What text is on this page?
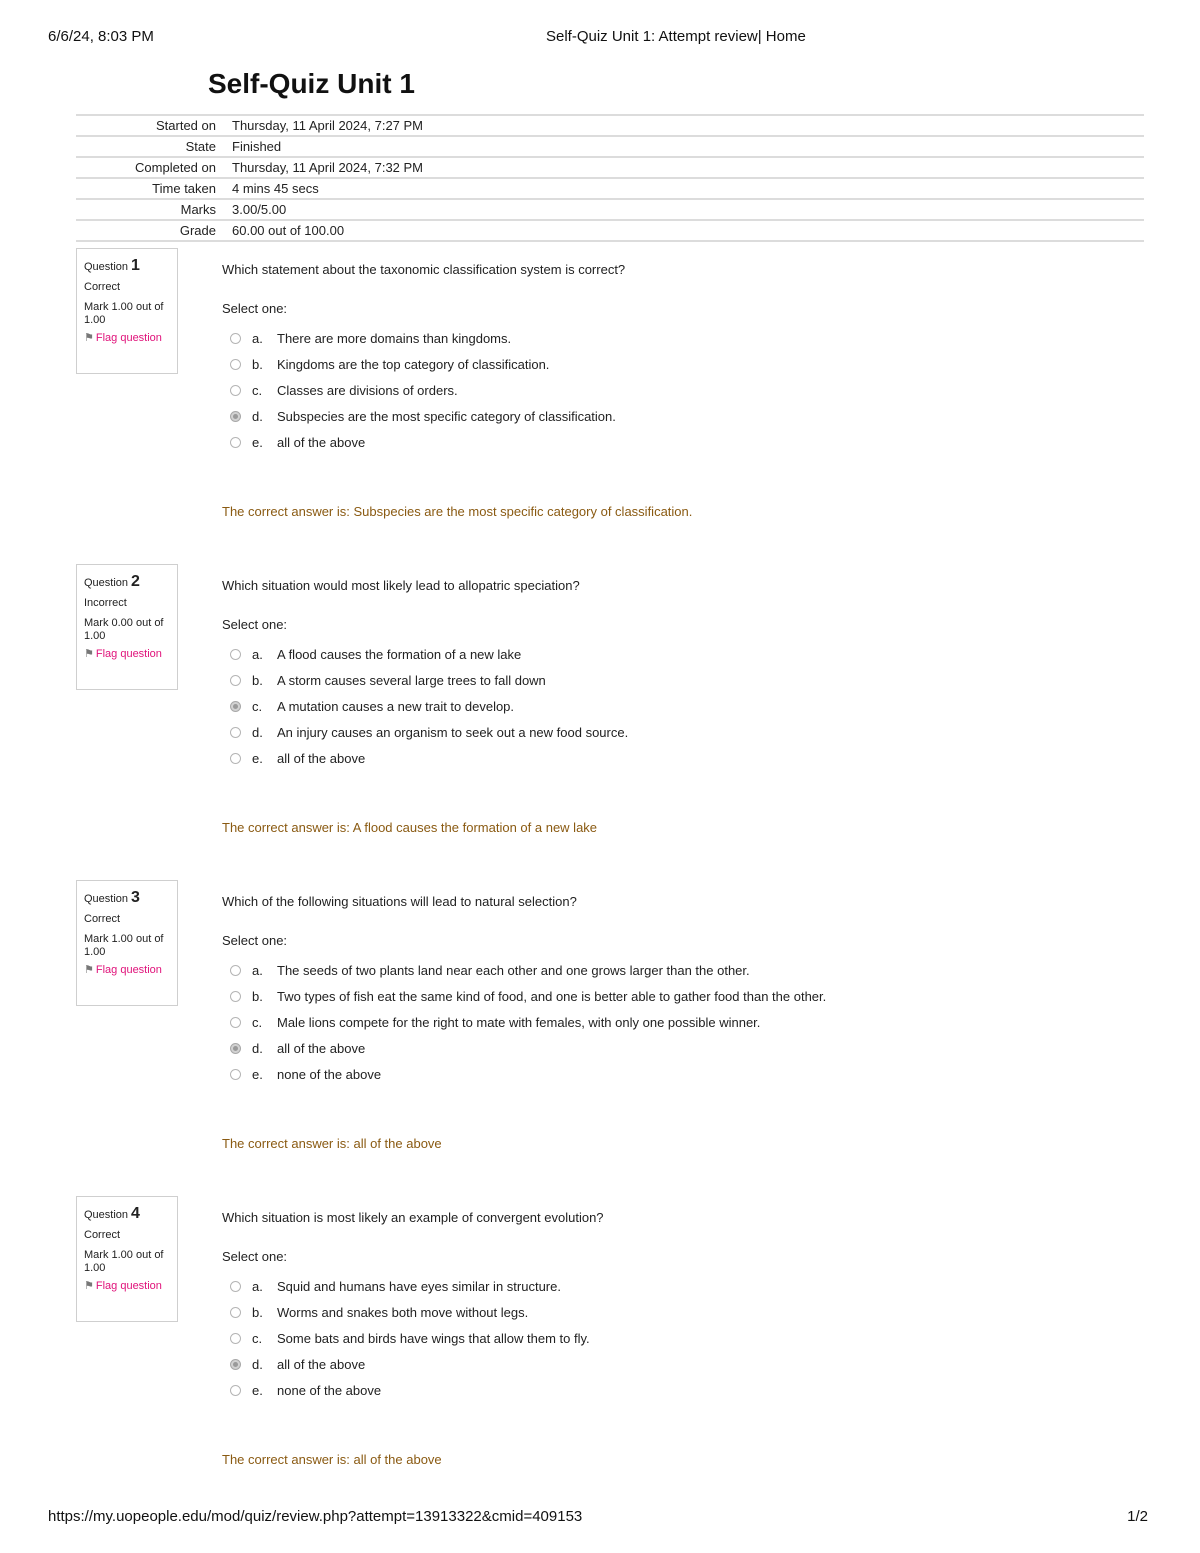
6/6/24, 8:03 PM	Self-Quiz Unit 1: Attempt review| Home
Self-Quiz Unit 1
Started on	Thursday, 11 April 2024, 7:27 PM
State	Finished
Completed on	Thursday, 11 April 2024, 7:32 PM
Time taken	4 mins 45 secs
Marks	3.00/5.00
Grade	60.00 out of 100.00
Question 1
Correct
Mark 1.00 out of 1.00
⚑ Flag question
Which statement about the taxonomic classification system is correct?
Select one:
a. There are more domains than kingdoms.
b. Kingdoms are the top category of classification.
c. Classes are divisions of orders.
d. Subspecies are the most specific category of classification.
e. all of the above
The correct answer is: Subspecies are the most specific category of classification.
Question 2
Incorrect
Mark 0.00 out of 1.00
⚑ Flag question
Which situation would most likely lead to allopatric speciation?
Select one:
a. A flood causes the formation of a new lake
b. A storm causes several large trees to fall down
c. A mutation causes a new trait to develop.
d. An injury causes an organism to seek out a new food source.
e. all of the above
The correct answer is: A flood causes the formation of a new lake
Question 3
Correct
Mark 1.00 out of 1.00
⚑ Flag question
Which of the following situations will lead to natural selection?
Select one:
a. The seeds of two plants land near each other and one grows larger than the other.
b. Two types of fish eat the same kind of food, and one is better able to gather food than the other.
c. Male lions compete for the right to mate with females, with only one possible winner.
d. all of the above
e. none of the above
The correct answer is: all of the above
Question 4
Correct
Mark 1.00 out of 1.00
⚑ Flag question
Which situation is most likely an example of convergent evolution?
Select one:
a. Squid and humans have eyes similar in structure.
b. Worms and snakes both move without legs.
c. Some bats and birds have wings that allow them to fly.
d. all of the above
e. none of the above
The correct answer is: all of the above
https://my.uopeople.edu/mod/quiz/review.php?attempt=13913322&cmid=409153	1/2
